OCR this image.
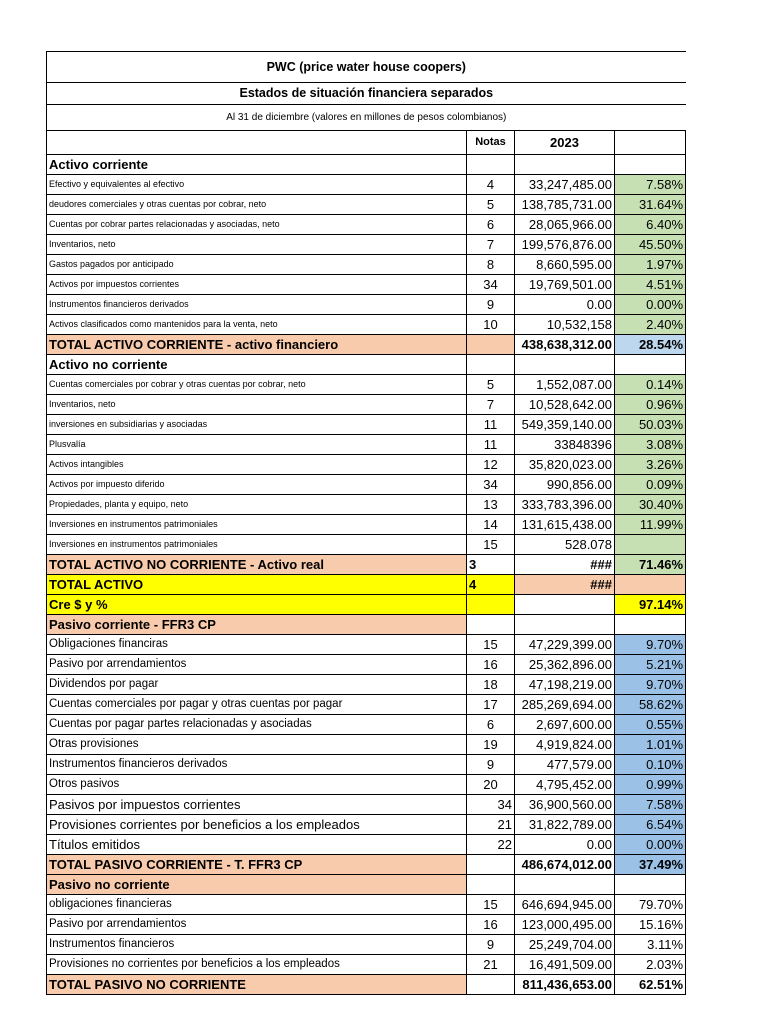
PWC (price water house coopers)			
Estados de situación financiera separados			
Al 31 de diciembre (valores en millones de pesos colombianos)			
	Notas	2023	
Activo corriente			
Efectivo y equivalentes al efectivo	4	33,247,485.00	7.58%
deudores comerciales y otras cuentas por cobrar, neto	5	138,785,731.00	31.64%
Cuentas por cobrar partes relacionadas y asociadas, neto	6	28,065,966.00	6.40%
Inventarios, neto	7	199,576,876.00	45.50%
Gastos pagados por anticipado	8	8,660,595.00	1.97%
Activos por impuestos corrientes	34	19,769,501.00	4.51%
Instrumentos financieros derivados	9	0.00	0.00%
Activos clasificados como mantenidos para la venta, neto	10	10,532,158	2.40%
TOTAL ACTIVO CORRIENTE - activo financiero		438,638,312.00	28.54%
Activo no corriente			
Cuentas comerciales por cobrar y otras cuentas por cobrar, neto	5	1,552,087.00	0.14%
Inventarios, neto	7	10,528,642.00	0.96%
inversiones en subsidiarias y asociadas	11	549,359,140.00	50.03%
Plusvalía	11	33848396	3.08%
Activos intangibles	12	35,820,023.00	3.26%
Activos por impuesto diferido	34	990,856.00	0.09%
Propiedades, planta y equipo, neto	13	333,783,396.00	30.40%
Inversiones en instrumentos patrimoniales	14	131,615,438.00	11.99%
Inversiones en instrumentos patrimoniales	15	528.078	
TOTAL ACTIVO NO CORRIENTE - Activo real	3	###	71.46%
TOTAL ACTIVO	4	###	
Cre $ y %			97.14%
Pasivo corriente - FFR3 CP			
Obligaciones financiras	15	47,229,399.00	9.70%
Pasivo por arrendamientos	16	25,362,896.00	5.21%
Dividendos por pagar	18	47,198,219.00	9.70%
Cuentas comerciales por pagar y otras cuentas por pagar	17	285,269,694.00	58.62%
Cuentas por pagar partes relacionadas y asociadas	6	2,697,600.00	0.55%
Otras provisiones	19	4,919,824.00	1.01%
Instrumentos financieros derivados	9	477,579.00	0.10%
Otros pasivos	20	4,795,452.00	0.99%
Pasivos por impuestos corrientes	34	36,900,560.00	7.58%
Provisiones corrientes por beneficios a los empleados	21	31,822,789.00	6.54%
Títulos emitidos	22	0.00	0.00%
TOTAL PASIVO CORRIENTE - T. FFR3 CP		486,674,012.00	37.49%
Pasivo no corriente			
obligaciones financieras	15	646,694,945.00	79.70%
Pasivo por arrendamientos	16	123,000,495.00	15.16%
Instrumentos financieros	9	25,249,704.00	3.11%
Provisiones no corrientes por beneficios a los empleados	21	16,491,509.00	2.03%
TOTAL PASIVO NO CORRIENTE		811,436,653.00	62.51%
